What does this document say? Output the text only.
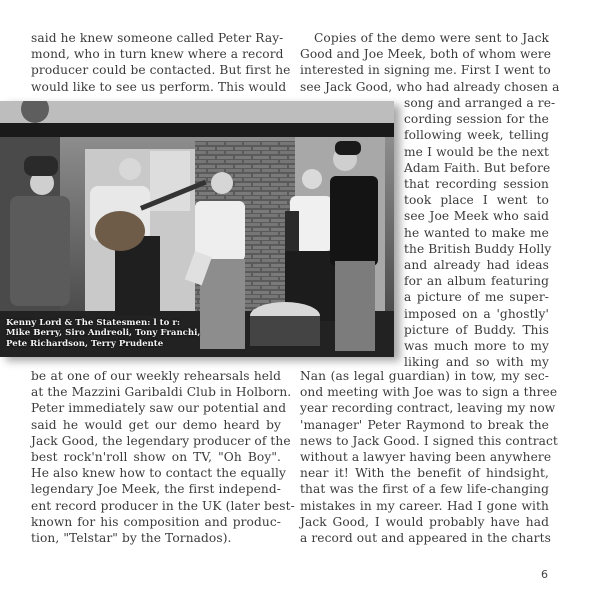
said he knew someone called Peter Ray-
mond, who in turn knew where a record
producer could be contacted. But first he
would like to see us perform. This would
be at one of our weekly rehearsals held
at the Mazzini Garibaldi Club in Holborn.
Peter immediately saw our potential and
said he would get our demo heard by
Jack Good, the legendary producer of the
best rock'n'roll show on TV, "Oh Boy".
He also knew how to contact the equally
legendary Joe Meek, the first independ-
ent record producer in the UK (later best-
known for his composition and produc-
tion, "Telstar" by the Tornados).
Copies of the demo were sent to Jack
Good and Joe Meek, both of whom were
interested in signing me. First I went to
see Jack Good, who had already chosen a
song and arranged a re-
cording session for the
following week, telling
me I would be the next
Adam Faith. But before
that recording session
took place I went to
see Joe Meek who said
he wanted to make me
the British Buddy Holly
and already had ideas
for an album featuring
a picture of me super-
imposed on a 'ghostly'
picture of Buddy. This
was much more to my
liking and so with my
Nan (as legal guardian) in tow, my sec-
ond meeting with Joe was to sign a three
year recording contract, leaving my now
'manager' Peter Raymond to break the
news to Jack Good. I signed this contract
without a lawyer having been anywhere
near it! With the benefit of hindsight,
that was the first of a few life-changing
mistakes in my career. Had I gone with
Jack Good, I would probably have had
a record out and appeared in the charts
Kenny Lord & The Statesmen: l to r:
Mike Berry, Siro Andreoli, Tony Franchi,
Pete Richardson, Terry Prudente
6
